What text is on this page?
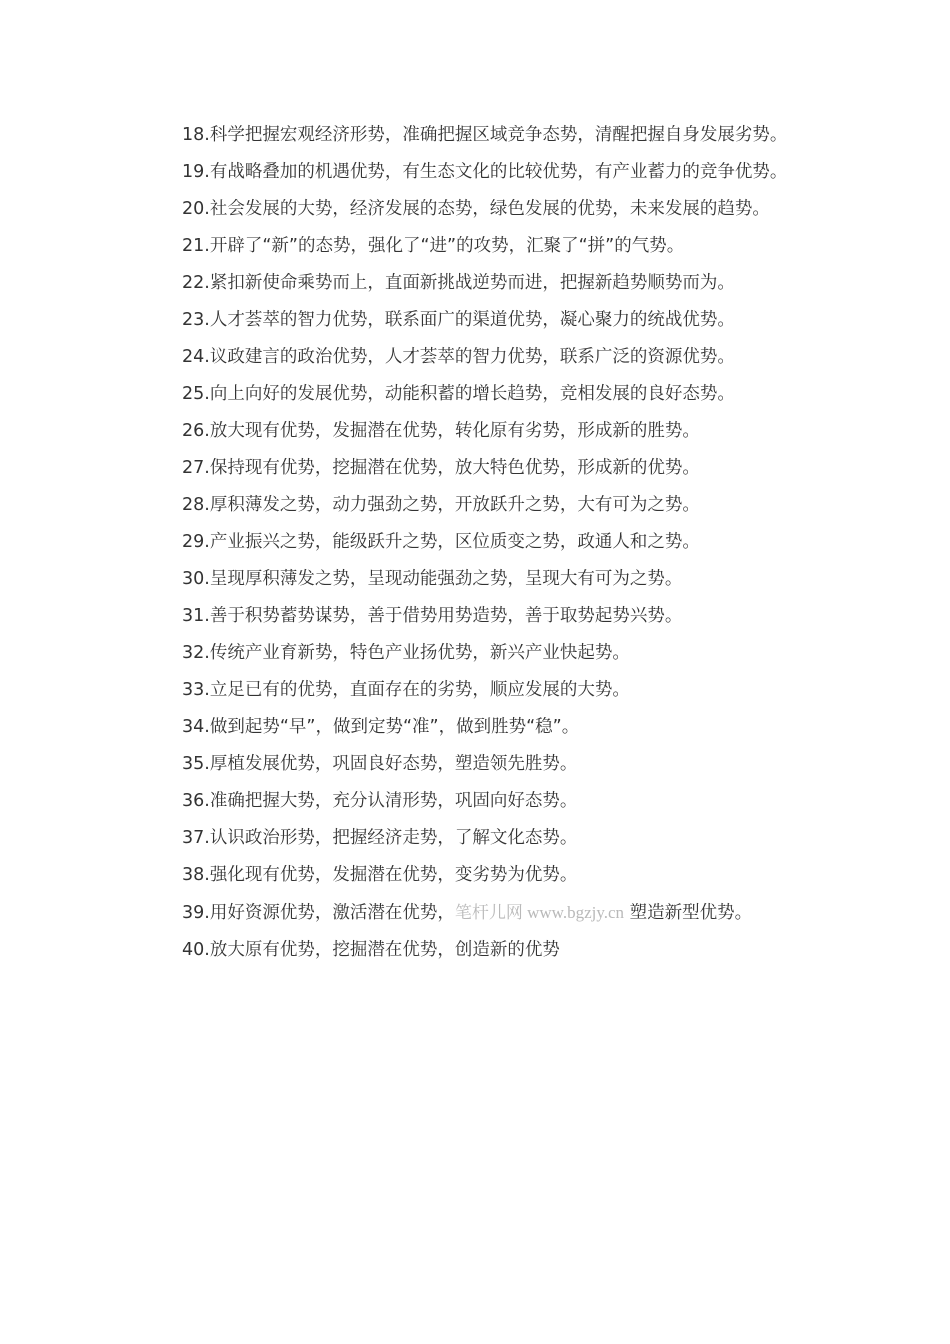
18.科学把握宏观经济形势，准确把握区域竞争态势，清醒把握自身发展劣势。

19.有战略叠加的机遇优势，有生态文化的比较优势，有产业蓄力的竞争优势。

20.社会发展的大势，经济发展的态势，绿色发展的优势，未来发展的趋势。

21.开辟了“新”的态势，强化了“进”的攻势，汇聚了“拼”的气势。

22.紧扣新使命乘势而上，直面新挑战逆势而进，把握新趋势顺势而为。

23.人才荟萃的智力优势，联系面广的渠道优势，凝心聚力的统战优势。

24.议政建言的政治优势，人才荟萃的智力优势，联系广泛的资源优势。

25.向上向好的发展优势，动能积蓄的增长趋势，竞相发展的良好态势。

26.放大现有优势，发掘潜在优势，转化原有劣势，形成新的胜势。

27.保持现有优势，挖掘潜在优势，放大特色优势，形成新的优势。

28.厚积薄发之势，动力强劲之势，开放跃升之势，大有可为之势。

29.产业振兴之势，能级跃升之势，区位质变之势，政通人和之势。

30.呈现厚积薄发之势，呈现动能强劲之势，呈现大有可为之势。

31.善于积势蓄势谋势，善于借势用势造势，善于取势起势兴势。

32.传统产业育新势，特色产业扬优势，新兴产业快起势。

33.立足已有的优势，直面存在的劣势，顺应发展的大势。

34.做到起势“早”，做到定势“准”，做到胜势“稳”。

35.厚植发展优势，巩固良好态势，塑造领先胜势。

36.准确把握大势，充分认清形势，巩固向好态势。

37.认识政治形势，把握经济走势，了解文化态势。

38.强化现有优势，发掘潜在优势，变劣势为优势。

39.用好资源优势，激活潜在优势，笔杆儿网 www.bgzjy.cn 塑造新型优势。

40.放大原有优势，挖掘潜在优势，创造新的优势
